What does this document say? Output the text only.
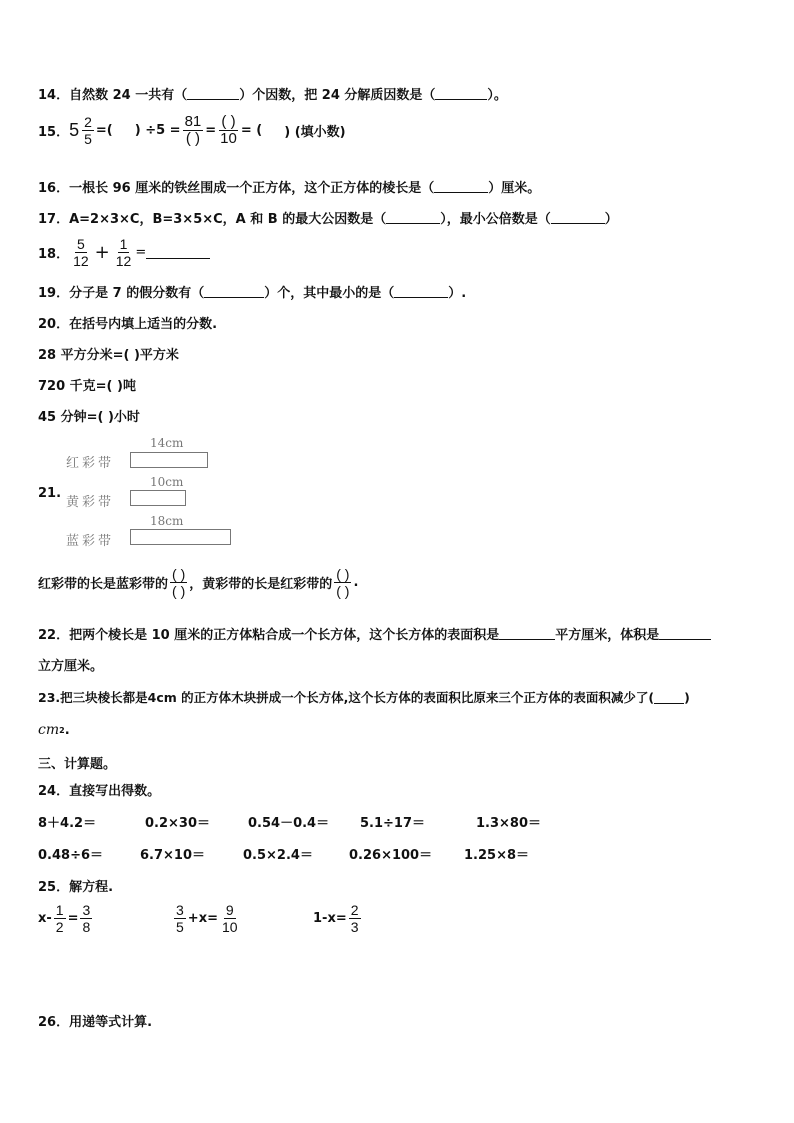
14． 自然数 24 一共有（	）个因数，把 24 分解质因数是（	）。
15． $5 \frac{2}{5}$ =( ) $\div 5 = \frac{81}{( )} = \frac{( )}{10}$ = ( ) (填小数)
16． 一根长 96 厘米的铁丝围成一个正方体，这个正方体的棱长是（	）厘米。
17． A=2×3×C，B=3×5×C，A 和 B 的最大公因数是（	），最小公倍数是（	）
18． $\frac{5}{12} + \frac{1}{12}$ =
19． 分子是 7 的假分数有（	）个，其中最小的是（	）.
20． 在括号内填上适当的分数.
28 平方分米=( )平方米
720 千克=( )吨
45 分钟=( )小时
21.
14cm
红彩带
10cm
黄彩带
18cm
蓝彩带
红彩带的长是蓝彩带的 $\frac{( )}{( )}$ ，黄彩带的长是红彩带的 $\frac{( )}{( )}$ .
22． 把两个棱长是 10 厘米的正方体粘合成一个长方体，这个长方体的表面积是	平方厘米，体积是
立方厘米。
23. 把三块棱长都是4cm 的正方体木块拼成一个长方体,这个长方体的表面积比原来三个正方体的表面积减少了( )
cm 2 .
三、计算题。
24． 直接写出得数。
8＋4.2＝	0.2×30＝	0.54－0.4＝ 5.1÷17＝	1.3×80＝
0.48÷6＝	6.7×10＝	0.5×2.4＝	0.26×100＝ 1.25×8＝
25． 解方程.
$x- \frac{1}{2} = \frac{3}{8}$	$\frac{3}{5} +x= \frac{9}{10}$	$1-x= \frac{2}{3}$
26． 用递等式计算.
